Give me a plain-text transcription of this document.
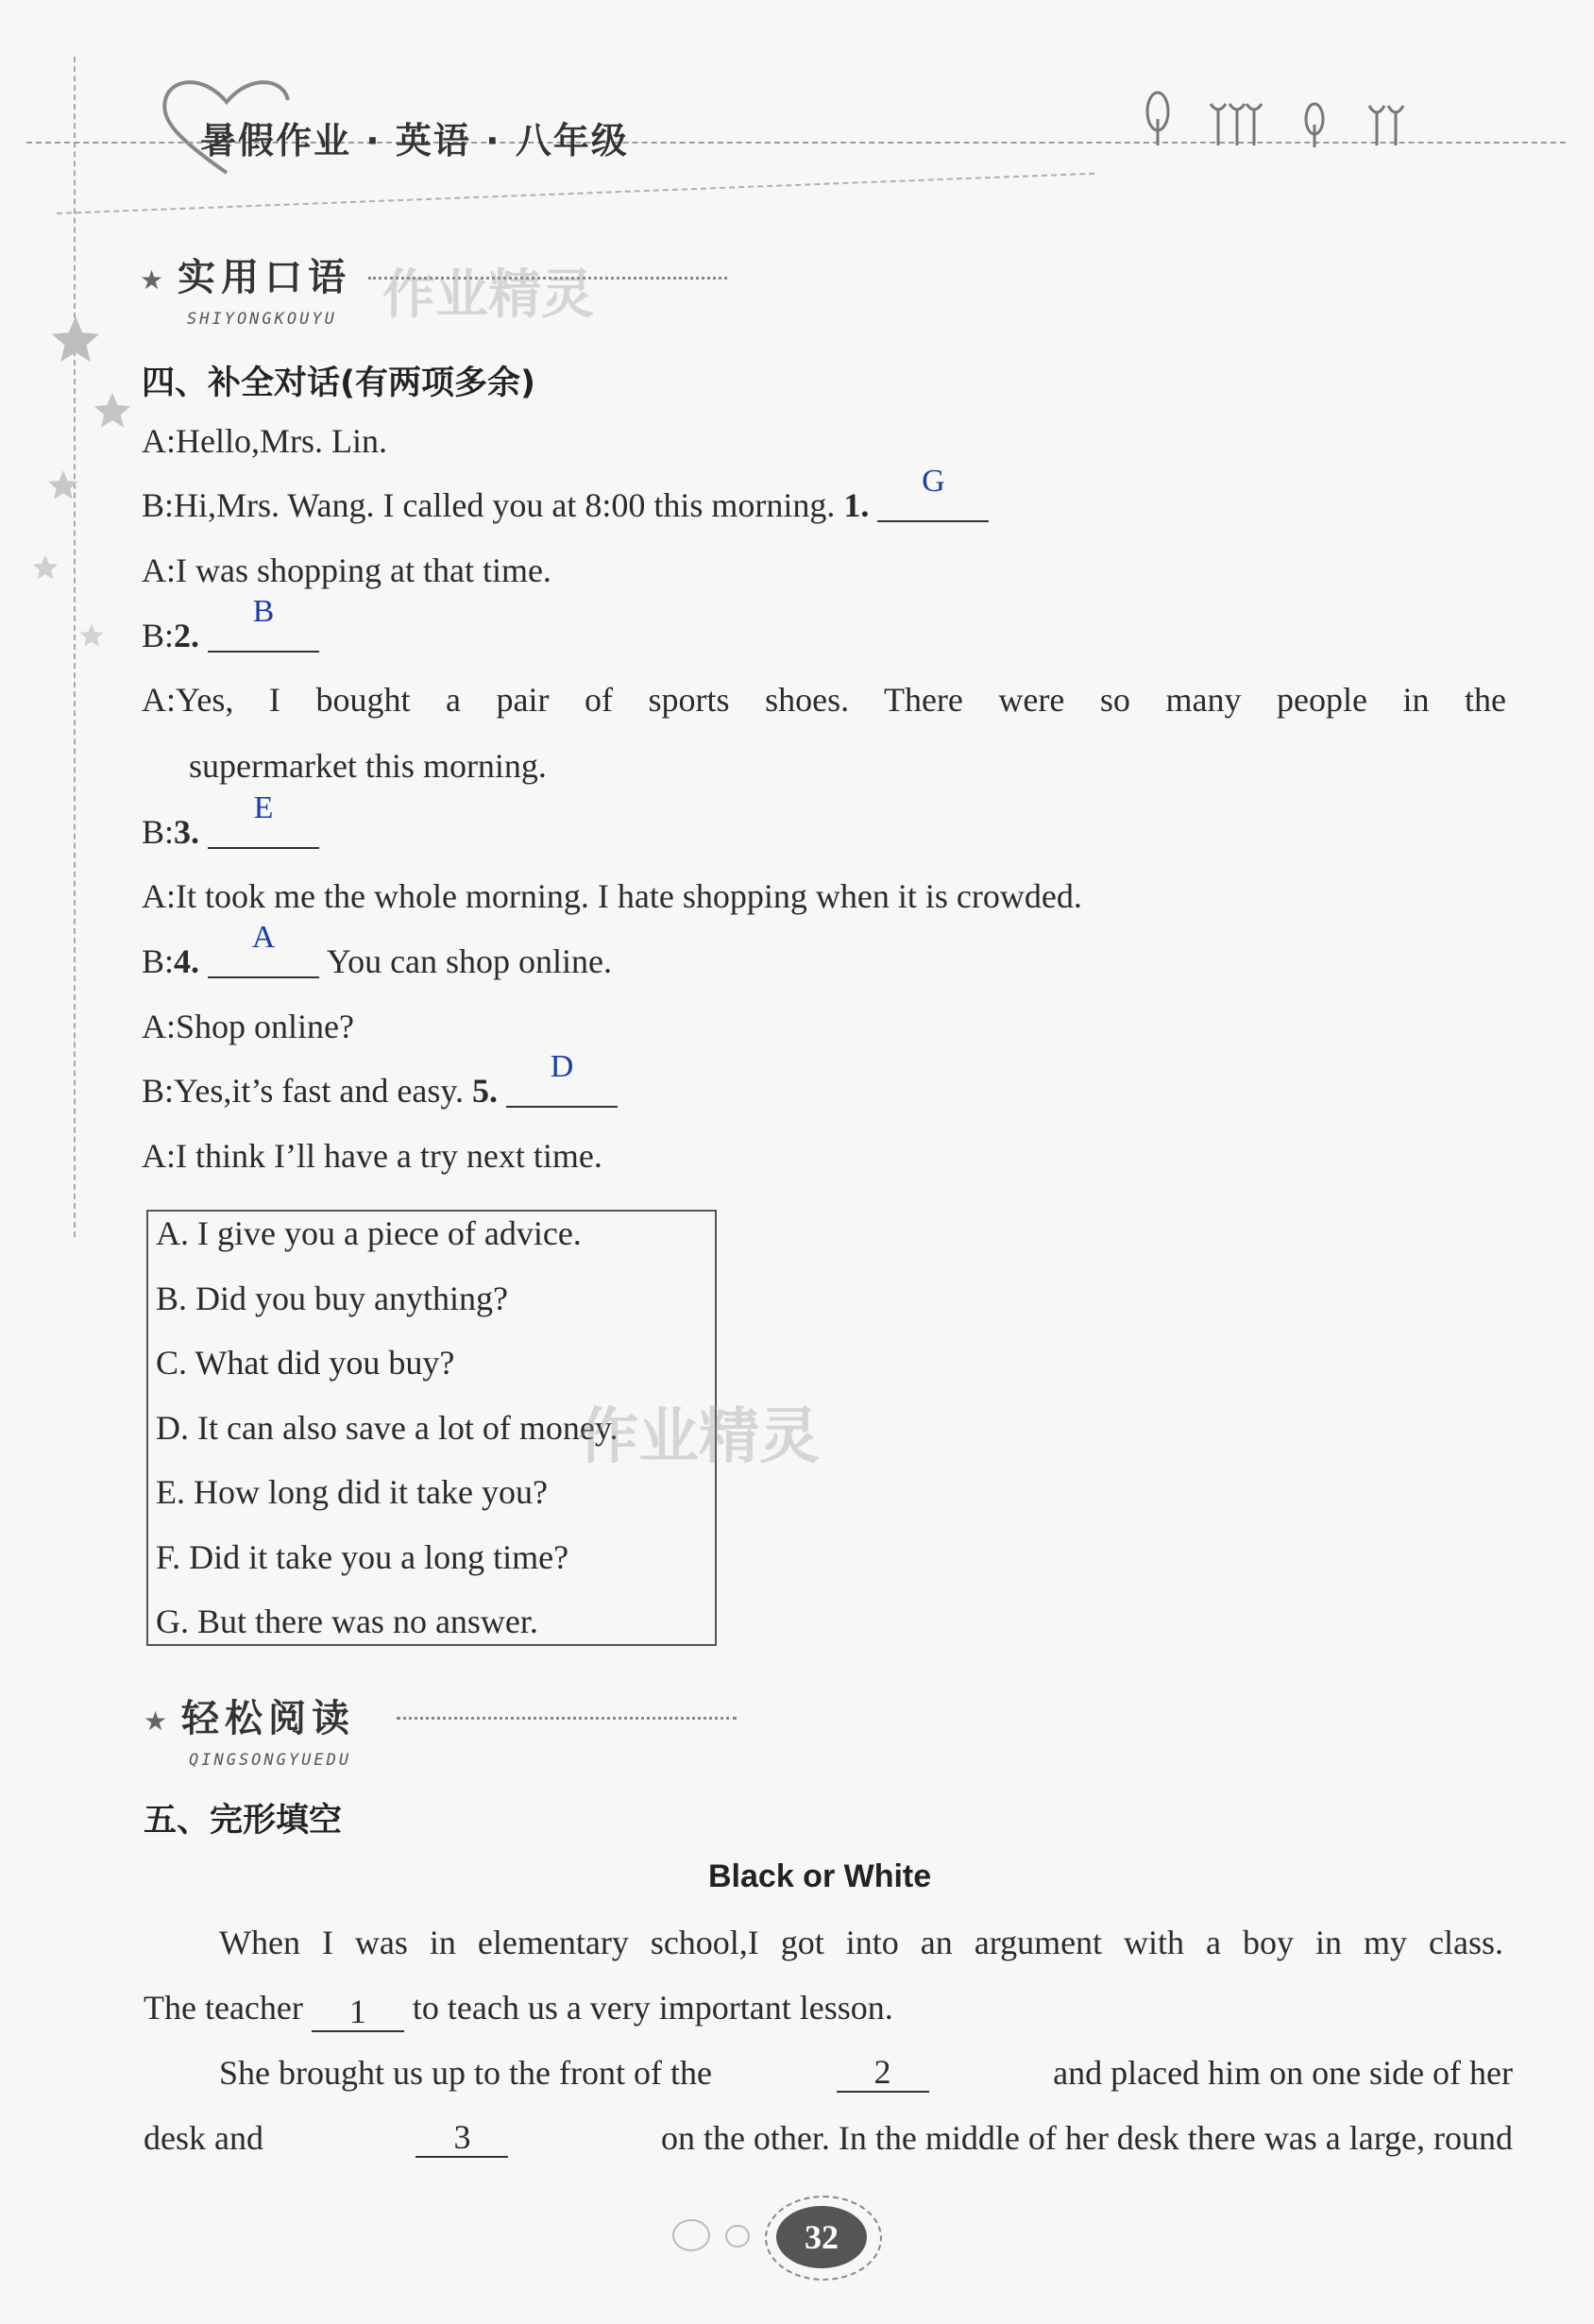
暑假作业 · 英语 · 八年级
★ 实用口语
SHIYONGKOUYU 作业精灵
四、补全对话(有两项多余)
A:Hello,Mrs. Lin.
B:Hi,Mrs. Wang. I called you at 8:00 this morning. 1.
G
A:I was shopping at that time.
B:2.
B
A:Yes, I bought a pair of sports shoes. There were so many people in the
supermarket this morning.
B:3.
E
A:It took me the whole morning. I hate shopping when it is crowded.
B:4.
A
You can shop online.
A:Shop online?
B:Yes,it’s fast and easy. 5.
D
A:I think I’ll have a try next time.
A. I give you a piece of advice.
B. Did you buy anything?
C. What did you buy?
D. It can also save a lot of money.
E. How long did it take you?
F. Did it take you a long time?
G. But there was no answer.
作业精灵
★ 轻松阅读
QINGSONGYUEDU
五、完形填空
Black or White
When I was in elementary school,I got into an argument with a boy in my class.
The teacher 1 to teach us a very important lesson.
She brought us up to the front of the	2	and placed him on one side of her
desk and	3	on the other. In the middle of her desk there was a large, round
32
